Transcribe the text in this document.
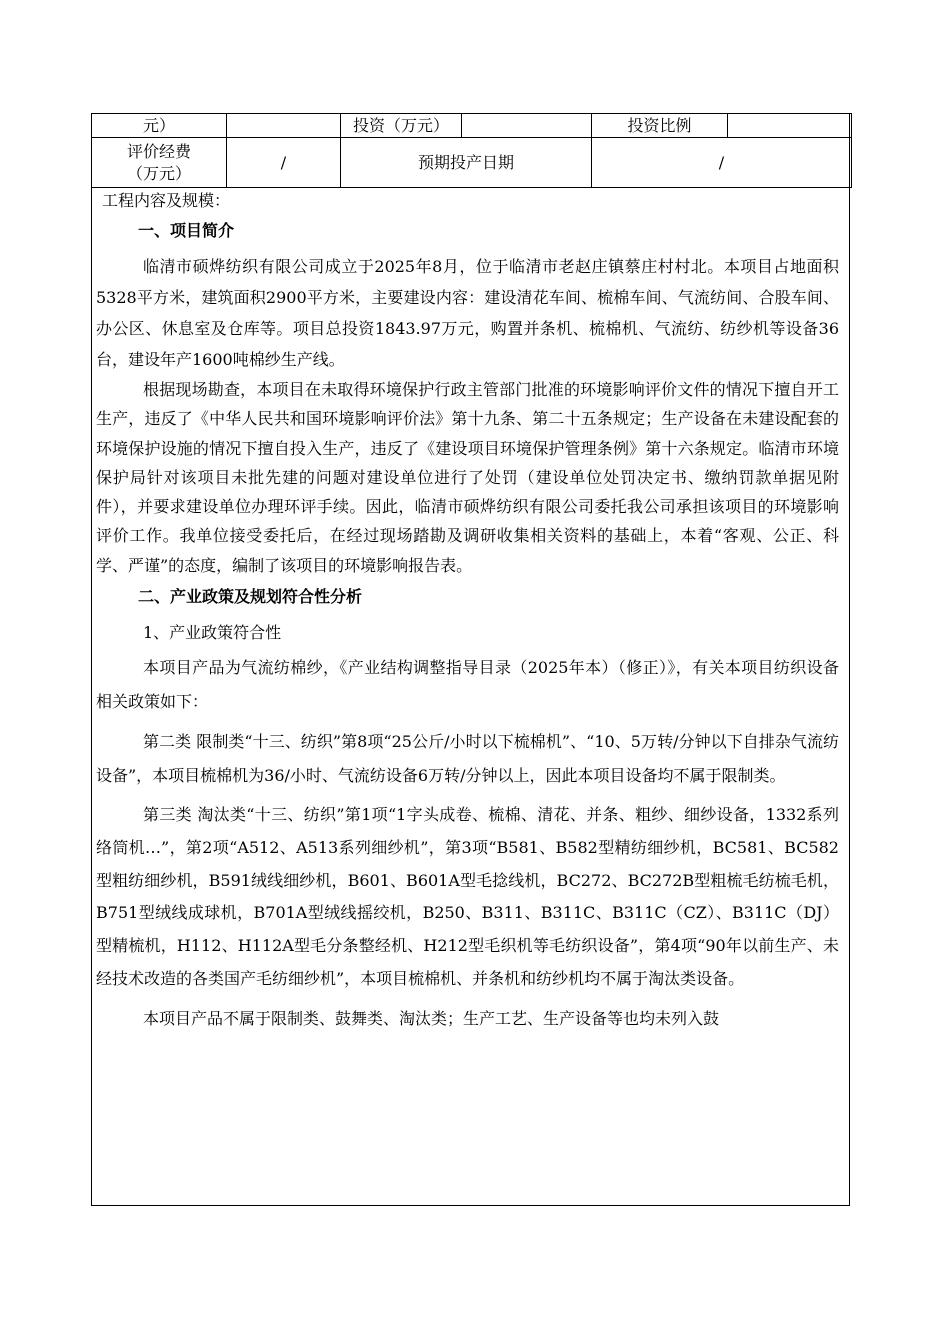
元）		投资（万元）		投资比例	

评价经费
（万元）	/	预期投产日期		/	

工程内容及规模：

一、项目简介

临清市硕烨纺织有限公司成立于2025年8月，位于临清市老赵庄镇蔡庄村村北。本项目占地面积5328平方米，建筑面积2900平方米，主要建设内容：建设清花车间、梳棉车间、气流纺间、合股车间、办公区、休息室及仓库等。项目总投资1843.97万元，购置并条机、梳棉机、气流纺、纺纱机等设备36台，建设年产1600吨棉纱生产线。

根据现场勘查，本项目在未取得环境保护行政主管部门批准的环境影响评价文件的情况下擅自开工生产，违反了《中华人民共和国环境影响评价法》第十九条、第二十五条规定；生产设备在未建设配套的环境保护设施的情况下擅自投入生产，违反了《建设项目环境保护管理条例》第十六条规定。临清市环境保护局针对该项目未批先建的问题对建设单位进行了处罚（建设单位处罚决定书、缴纳罚款单据见附件），并要求建设单位办理环评手续。因此，临清市硕烨纺织有限公司委托我公司承担该项目的环境影响评价工作。我单位接受委托后，在经过现场踏勘及调研收集相关资料的基础上，本着“客观、公正、科学、严谨”的态度，编制了该项目的环境影响报告表。

二、产业政策及规划符合性分析

1、产业政策符合性

本项目产品为气流纺棉纱，《产业结构调整指导目录（2025年本）（修正）》，有关本项目纺织设备相关政策如下：

第二类 限制类“十三、纺织”第8项“25公斤/小时以下梳棉机”、“10、5万转/分钟以下自排杂气流纺设备”，本项目梳棉机为36/小时、气流纺设备6万转/分钟以上，因此本项目设备均不属于限制类。

第三类 淘汰类“十三、纺织”第1项“1字头成卷、梳棉、清花、并条、粗纱、细纱设备，1332系列络筒机…”，第2项“A512、A513系列细纱机”，第3项“B581、B582型精纺细纱机，BC581、BC582型粗纺细纱机，B591绒线细纱机，B601、B601A型毛捻线机，BC272、BC272B型粗梳毛纺梳毛机，B751型绒线成球机，B701A型绒线摇绞机，B250、B311、B311C、B311C（CZ）、B311C（DJ）型精梳机，H112、H112A型毛分条整经机、H212型毛织机等毛纺织设备”，第4项“90年以前生产、未经技术改造的各类国产毛纺细纱机”，本项目梳棉机、并条机和纺纱机均不属于淘汰类设备。

本项目产品不属于限制类、鼓舞类、淘汰类；生产工艺、生产设备等也均未列入鼓
